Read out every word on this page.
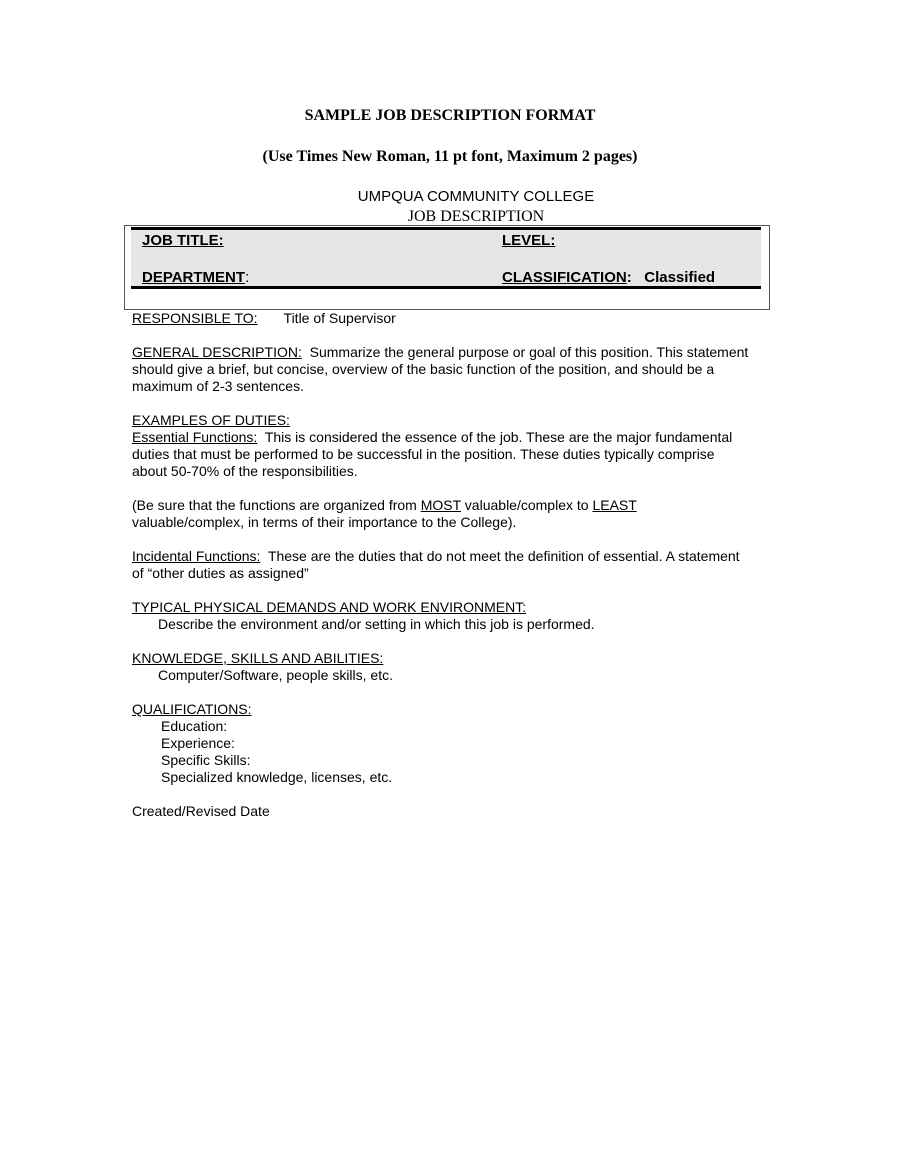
SAMPLE JOB DESCRIPTION FORMAT
(Use Times New Roman, 11 pt font, Maximum 2 pages)
UMPQUA COMMUNITY COLLEGE
JOB DESCRIPTION
JOB TITLE:	LEVEL:
DEPARTMENT:	CLASSIFICATION: Classified
RESPONSIBLE TO: Title of Supervisor
GENERAL DESCRIPTION: Summarize the general purpose or goal of this position. This statement should give a brief, but concise, overview of the basic function of the position, and should be a maximum of 2-3 sentences.
EXAMPLES OF DUTIES:
Essential Functions: This is considered the essence of the job. These are the major fundamental duties that must be performed to be successful in the position. These duties typically comprise about 50-70% of the responsibilities.
(Be sure that the functions are organized from MOST valuable/complex to LEAST valuable/complex, in terms of their importance to the College).
Incidental Functions: These are the duties that do not meet the definition of essential. A statement of “other duties as assigned”
TYPICAL PHYSICAL DEMANDS AND WORK ENVIRONMENT:
Describe the environment and/or setting in which this job is performed.
KNOWLEDGE, SKILLS AND ABILITIES:
Computer/Software, people skills, etc.
QUALIFICATIONS:
Education:
Experience:
Specific Skills:
Specialized knowledge, licenses, etc.
Created/Revised Date
